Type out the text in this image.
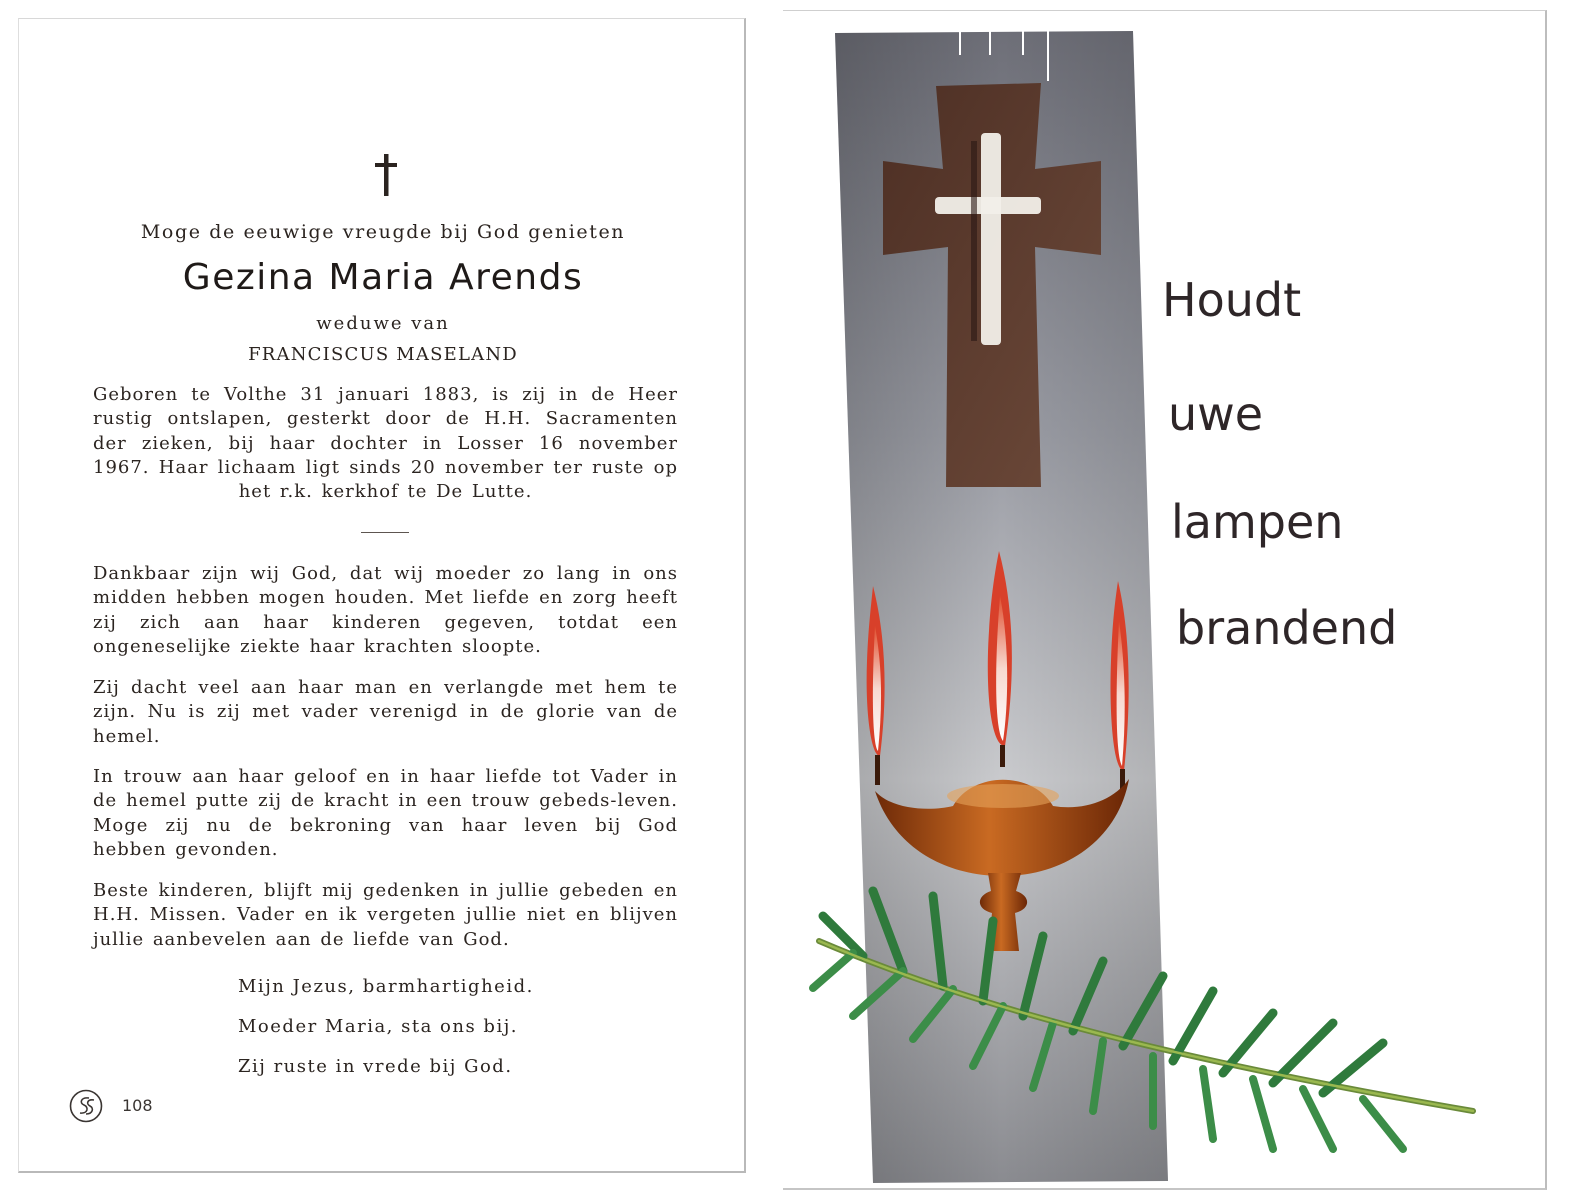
Moge de eeuwige vreugde bij God genieten
Gezina Maria Arends
weduwe van
FRANCISCUS MASELAND

Geboren te Volthe 31 januari 1883, is zij in de Heer rustig ontslapen, gesterkt door de H.H. Sacramenten der zieken, bij haar dochter in Losser 16 november 1967. Haar lichaam ligt sinds 20 november ter ruste op het r.k. kerkhof te De Lutte.

Dankbaar zijn wij God, dat wij moeder zo lang in ons midden hebben mogen houden. Met liefde en zorg heeft zij zich aan haar kinderen gegeven, totdat een ongeneselijke ziekte haar krachten sloopte.

Zij dacht veel aan haar man en verlangde met hem te zijn. Nu is zij met vader verenigd in de glorie van de hemel.

In trouw aan haar geloof en in haar liefde tot Vader in de hemel putte zij de kracht in een trouw gebeds-leven. Moge zij nu de bekroning van haar leven bij God hebben gevonden.

Beste kinderen, blijft mij gedenken in jullie gebeden en H.H. Missen. Vader en ik vergeten jullie niet en blijven jullie aanbevelen aan de liefde van God.

Mijn Jezus, barmhartigheid.
Moeder Maria, sta ons bij.
Zij ruste in vrede bij God.
108
Houdt
uwe
lampen
brandend
